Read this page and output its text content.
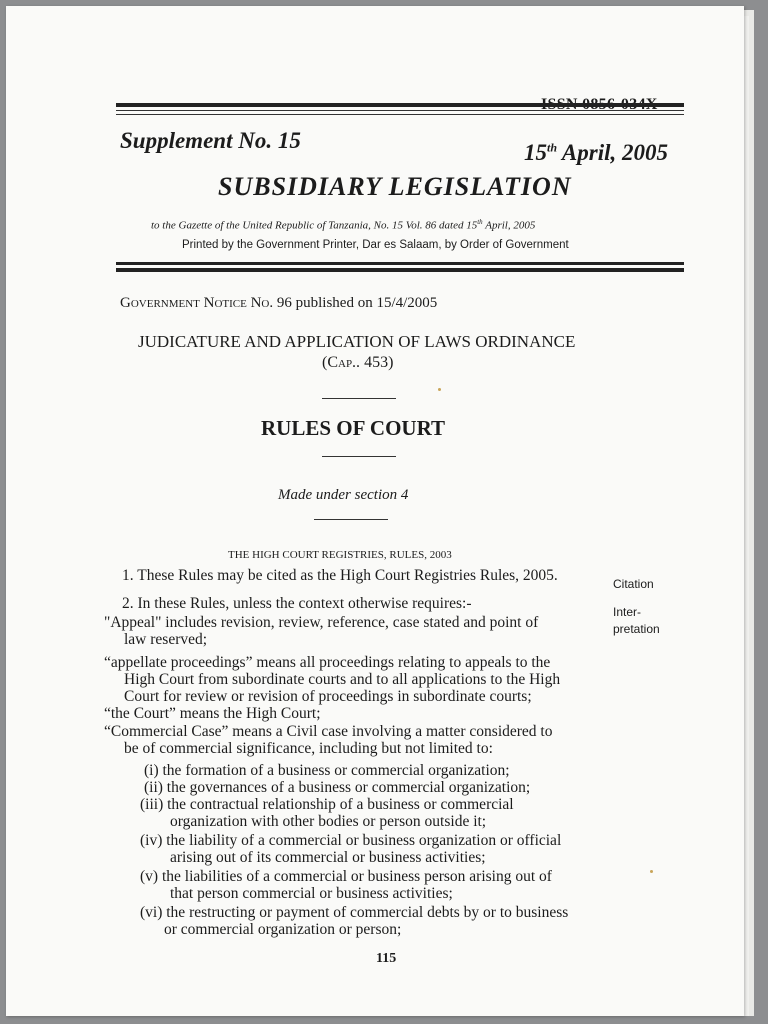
Supplement No. 15	15th April, 2005
SUBSIDIARY LEGISLATION
to the Gazette of the United Republic of Tanzania, No. 15 Vol. 86 dated 15th April, 2005
Printed by the Government Printer, Dar es Salaam, by Order of Government
Government Notice No. 96 published on 15/4/2005
JUDICATURE AND APPLICATION OF LAWS ORDINANCE
(Cap.. 453)
RULES OF COURT
Made under section 4
THE HIGH COURT REGISTRIES, RULES, 2003
1. These Rules may be cited as the High Court Registries Rules, 2005.
2. In these Rules, unless the context otherwise requires:-
"Appeal" includes revision, review, reference, case stated and point of
law reserved;
“appellate proceedings” means all proceedings relating to appeals to the
High Court from subordinate courts and to all applications to the High
Court for review or revision of proceedings in subordinate courts;
“the Court” means the High Court;
“Commercial Case” means a Civil case involving a matter considered to
be of commercial significance, including but not limited to:
(i) the formation of a business or commercial organization;
(ii) the governances of a business or commercial organization;
(iii) the contractual relationship of a business or commercial
organization with other bodies or person outside it;
(iv) the liability of a commercial or business organization or official
arising out of its commercial or business activities;
(v) the liabilities of a commercial or business person arising out of
that person commercial or business activities;
(vi) the restructing or payment of commercial debts by or to business
or commercial organization or person;
Citation
Inter-
pretation
115
